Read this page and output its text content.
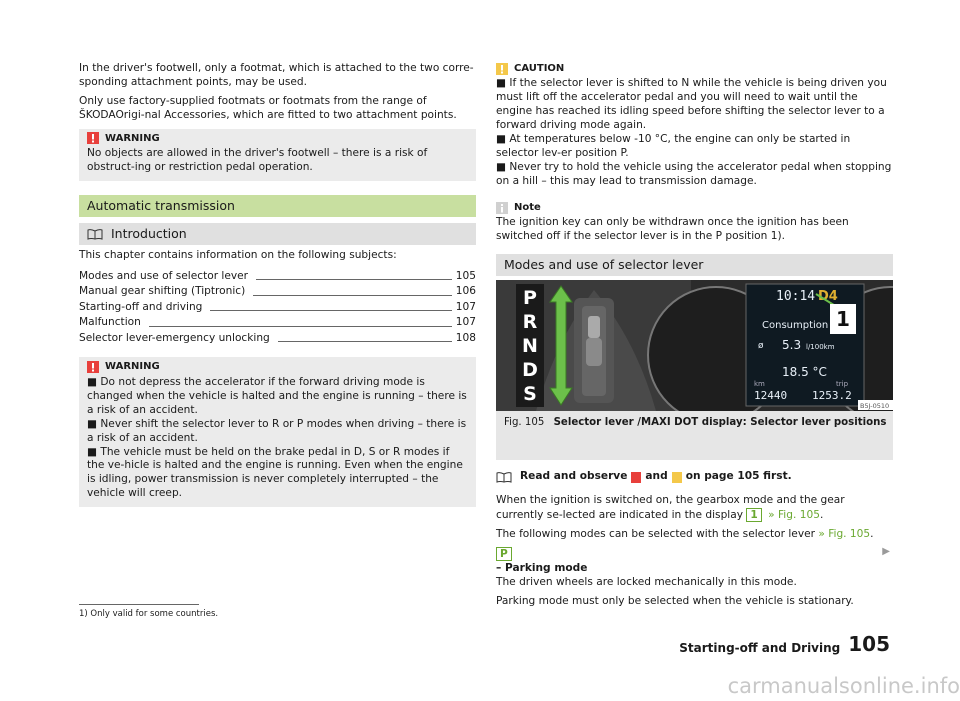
In the driver's footwell, only a footmat, which is attached to the two corre-sponding attachment points, may be used.

Only use factory-supplied footmats or footmats from the range of ŠKODAOrigi-nal Accessories, which are fitted to two attachment points.

WARNING
No objects are allowed in the driver's footwell – there is a risk of obstruct-ing or restriction pedal operation.
Automatic transmission
Introduction

This chapter contains information on the following subjects:

Modes and use of selector lever	105
Manual gear shifting (Tiptronic)	106
Starting-off and driving	107
Malfunction	107
Selector lever-emergency unlocking	108
WARNING
■ Do not depress the accelerator if the forward driving mode is changed when the vehicle is halted and the engine is running – there is a risk of an accident.
■ Never shift the selector lever to R or P modes when driving – there is a risk of an accident.
■ The vehicle must be held on the brake pedal in D, S or R modes if the ve-hicle is halted and the engine is running. Even when the engine is idling, power transmission is never completely interrupted – the vehicle will creep.
CAUTION
■ If the selector lever is shifted to N while the vehicle is being driven you must lift off the accelerator pedal and you will need to wait until the engine has reached its idling speed before shifting the selector lever to a forward driving mode again.
■ At temperatures below -10 °C, the engine can only be started in selector lev-er position P.
■ Never try to hold the vehicle using the accelerator pedal when stopping on a hill – this may lead to transmission damage.
Note
The ignition key can only be withdrawn once the ignition has been switched off if the selector lever is in the P position 1).
Modes and use of selector lever
P
R
N
D
S
10:14 D4
Consumption
ø 5.3 l/100km
18.5 °C
km	trip
12440 1253.2
1
B5J-0510
Fig. 105 Selector lever /MAXI DOT display: Selector lever positions
Read and observe and on page 105 first.

When the ignition is switched on, the gearbox mode and the gear currently se-lected are indicated in the display 1 » Fig. 105.

The following modes can be selected with the selector lever » Fig. 105.

P
– Parking mode

The driven wheels are locked mechanically in this mode.

Parking mode must only be selected when the vehicle is stationary.

▶
1) Only valid for some countries.
Starting-off and Driving 105
carmanualsonline.info
